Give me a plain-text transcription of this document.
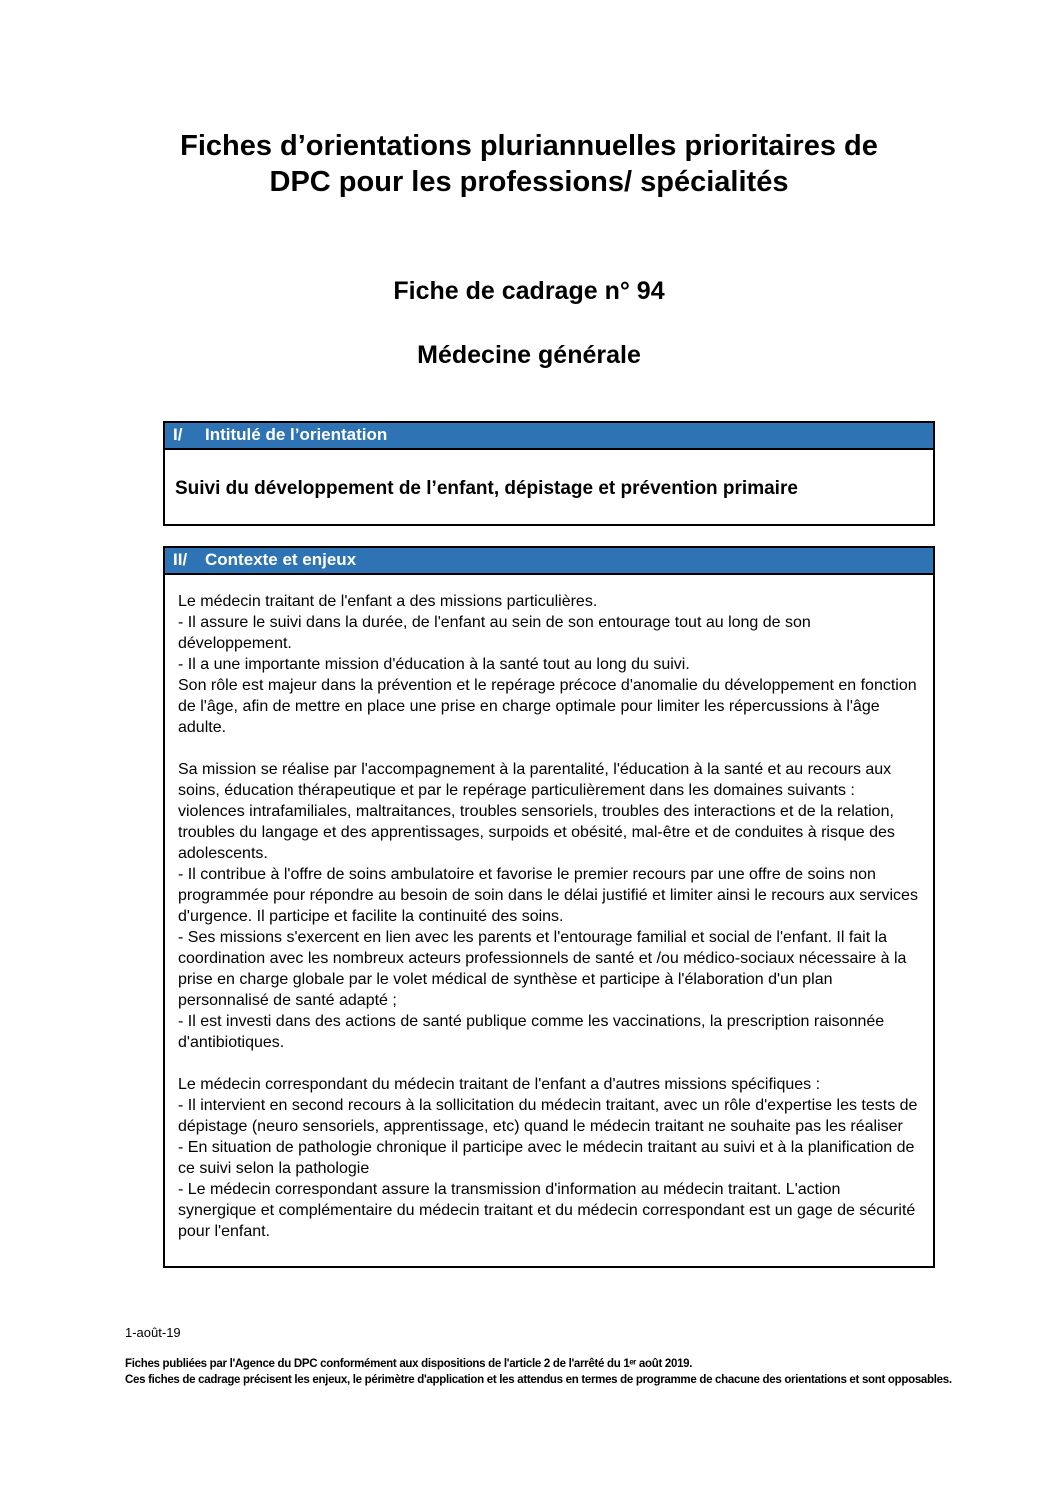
Fiches d’orientations pluriannuelles prioritaires de
DPC pour les professions/ spécialités
Fiche de cadrage n° 94
Médecine générale
I/	Intitulé de l’orientation
Suivi du développement de l’enfant, dépistage et prévention primaire
II/	Contexte et enjeux
Le médecin traitant de l'enfant a des missions particulières.
- Il assure le suivi dans la durée, de l'enfant au sein de son entourage tout au long de son développement.
- Il a une importante mission d'éducation à la santé tout au long du suivi.
Son rôle est majeur dans la prévention et le repérage précoce d'anomalie du développement en fonction de l'âge, afin de mettre en place une prise en charge optimale pour limiter les répercussions à l'âge adulte.
Sa mission se réalise par l'accompagnement à la parentalité, l'éducation à la santé et au recours aux soins, éducation thérapeutique et par le repérage particulièrement dans les domaines suivants : violences intrafamiliales, maltraitances, troubles sensoriels, troubles des interactions et de la relation, troubles du langage et des apprentissages, surpoids et obésité, mal-être et de conduites à risque des adolescents.
- Il contribue à l'offre de soins ambulatoire et favorise le premier recours par une offre de soins non programmée pour répondre au besoin de soin dans le délai justifié et limiter ainsi le recours aux services d'urgence. Il participe et facilite la continuité des soins.
- Ses missions s'exercent en lien avec les parents et l'entourage familial et social de l'enfant. Il fait la coordination avec les nombreux acteurs professionnels de santé et /ou médico-sociaux nécessaire à la prise en charge globale par le volet médical de synthèse et participe à l'élaboration d'un plan personnalisé de santé adapté ;
- Il est investi dans des actions de santé publique comme les vaccinations, la prescription raisonnée d'antibiotiques.
Le médecin correspondant du médecin traitant de l'enfant a d'autres missions spécifiques :
- Il intervient en second recours à la sollicitation du médecin traitant, avec un rôle d'expertise les tests de dépistage (neuro sensoriels, apprentissage, etc) quand le médecin traitant ne souhaite pas les réaliser
- En situation de pathologie chronique il participe avec le médecin traitant au suivi et à la planification de ce suivi selon la pathologie
- Le médecin correspondant assure la transmission d'information au médecin traitant. L'action synergique et complémentaire du médecin traitant et du médecin correspondant est un gage de sécurité pour l'enfant.
1-août-19
Fiches publiées par l'Agence du DPC conformément aux dispositions de l'article 2 de l'arrêté du 1ᵉʳ août 2019.
Ces fiches de cadrage précisent les enjeux, le périmètre d'application et les attendus en termes de programme de chacune des orientations et sont opposables.
